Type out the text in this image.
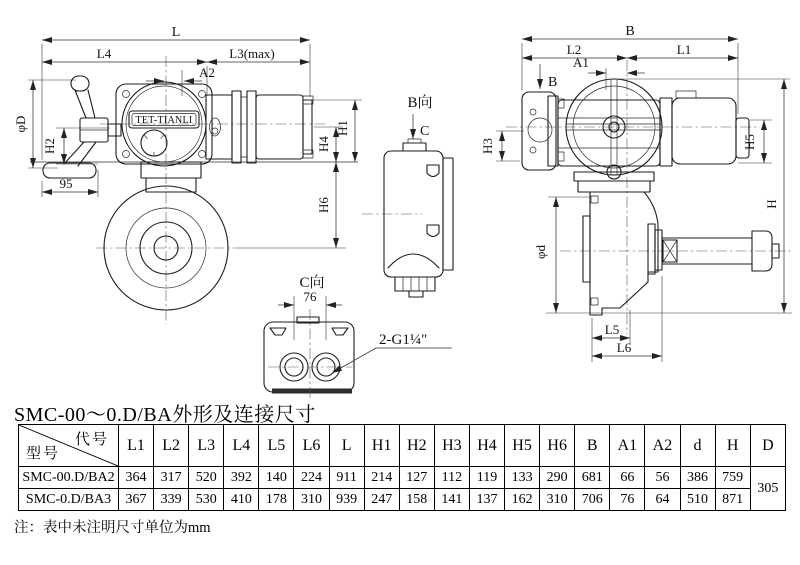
TET-TIANLI
L
L4	L3(max)
A2
φD
H2
95
H1
H4
H6
B向
C
C向
76
2-G1¼"
B
L2	L1
A1
B
H3
H
H5
φd
L5
L6
SMC-00～0.D/BA外形及连接尺寸
代号
型号	L1	L2	L3	L4	L5	L6	L	H1	H2	H3	H4	H5	H6	B	A1	A2	d	H	D
SMC-00.D/BA2	364	317	520	392	140	224	911	214	127	112	119	133	290	681	66	56	386	759	305
SMC-0.D/BA3	367	339	530	410	178	310	939	247	158	141	137	162	310	706	76	64	510	871	
注：表中未注明尺寸单位为mm
